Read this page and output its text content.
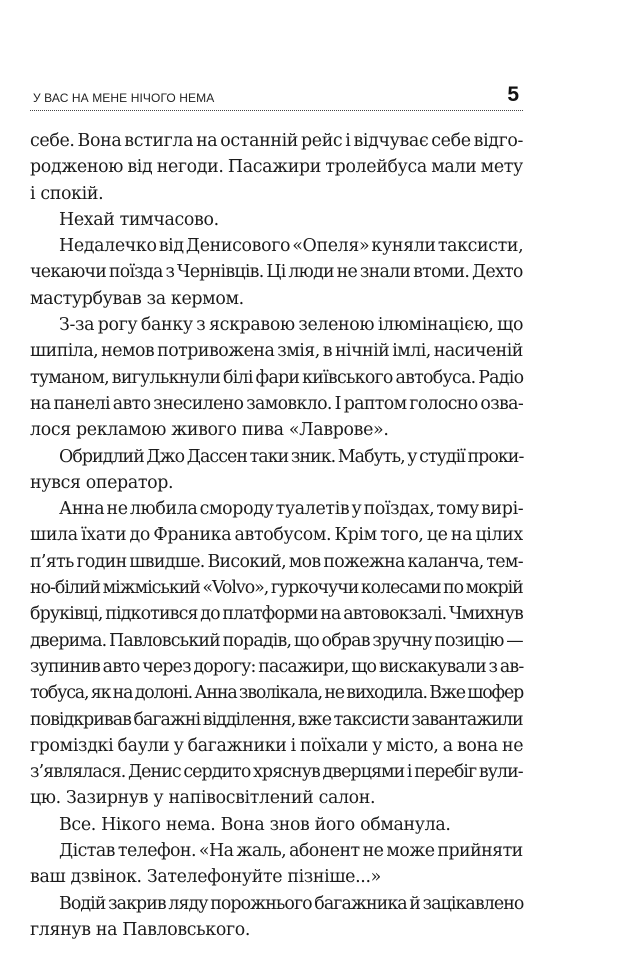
У ВАС НА МЕНЕ НІЧОГО НЕМА	5
себе. Вона встигла на останній рейс і відчуває себе відго-
родженою від негоди. Пасажири тролейбуса мали мету
і спокій.
Нехай тимчасово.
Недалечко від Денисового «Опеля» куняли таксисти,
чекаючи поїзда з Чернівців. Ці люди не знали втоми. Дехто
мастурбував за кермом.
З-за рогу банку з яскравою зеленою ілюмінацією, що
шипіла, немов потривожена змія, в нічній імлі, насиченій
туманом, вигулькнули білі фари київського автобуса. Радіо
на панелі авто знесилено замовкло. І раптом голосно озва-
лося рекламою живого пива «Лаврове».
Обридлий Джо Дассен таки зник. Мабуть, у студії прoки-
нувся оператор.
Анна не любила смороду туалетів у поїздах, тому вирі-
шила їхати до Франика автобусом. Крім того, це на цілих
п’ять годин швидше. Високий, мов пожежна каланча, тем-
но-білий міжміський «Volvo», гуркочучи колесами по мокрій
бруківці, підкотився до платформи на автовокзалі. Чмихнув
дверима. Павловський порадів, що обрав зручну позицію —
зупинив авто через дорогу: пасажири, що вискакували з ав-
тобуса, як на долоні. Анна зволікала, не виходила. Вже шофер
повідкривав багажні відділення, вже таксисти завантажили
громіздкі баули у багажники і поїхали у місто, а вона не
з’являлася. Денис сердито хряснув дверцями і перебіг вули-
цю. Зазирнув у напівосвітлений салон.
Все. Нікого нема. Вона знов його обманула.
Дістав телефон. «На жаль, абонент не може прийняти
ваш дзвінок. Зателефонуйте пізніше...»
Водій закрив ляду порожнього багажника й зацікавлено
глянув на Павловського.
